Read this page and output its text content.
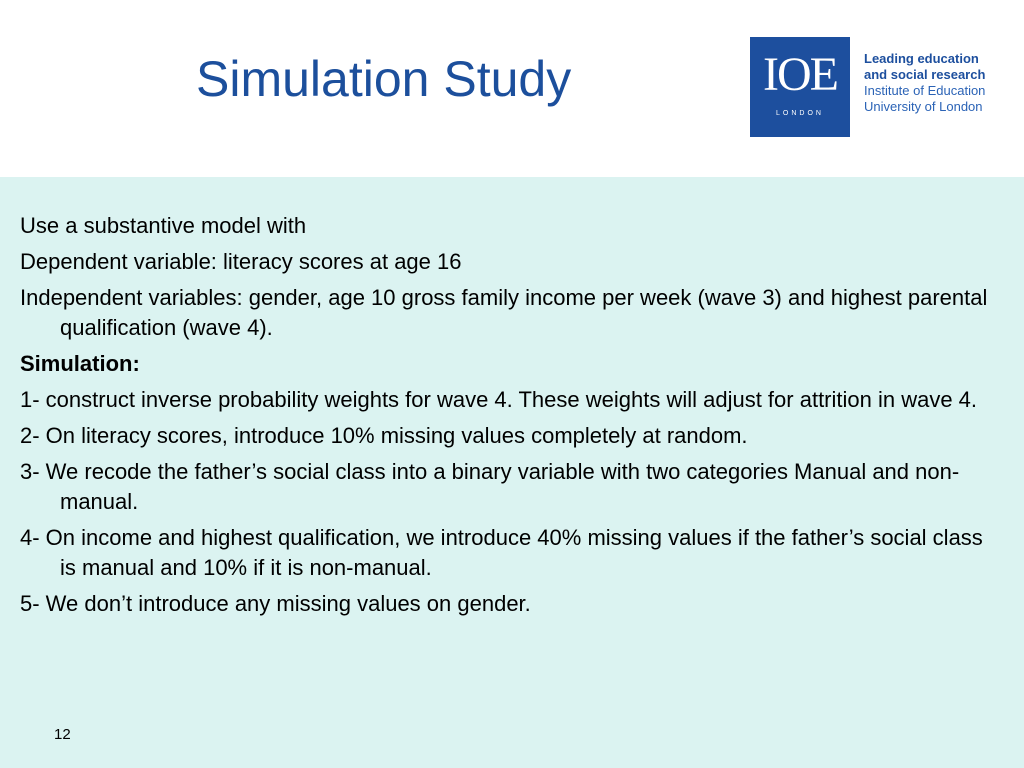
Simulation Study	IOE
LONDON
Leading education
and social research
Institute of Education
University of London
Use a substantive model with
Dependent variable: literacy scores at age 16
Independent variables: gender, age 10 gross family income per week (wave 3) and highest parental qualification (wave 4).
Simulation:
1- construct inverse probability weights for wave 4. These weights will adjust for attrition in wave 4.
2- On literacy scores, introduce 10% missing values completely at random.
3- We recode the father’s social class into a binary variable with two categories Manual and non-manual.
4- On income and highest qualification, we introduce 40% missing values if the father’s social class is manual and 10% if it is non-manual.
5- We don’t introduce any missing values on gender.
12
